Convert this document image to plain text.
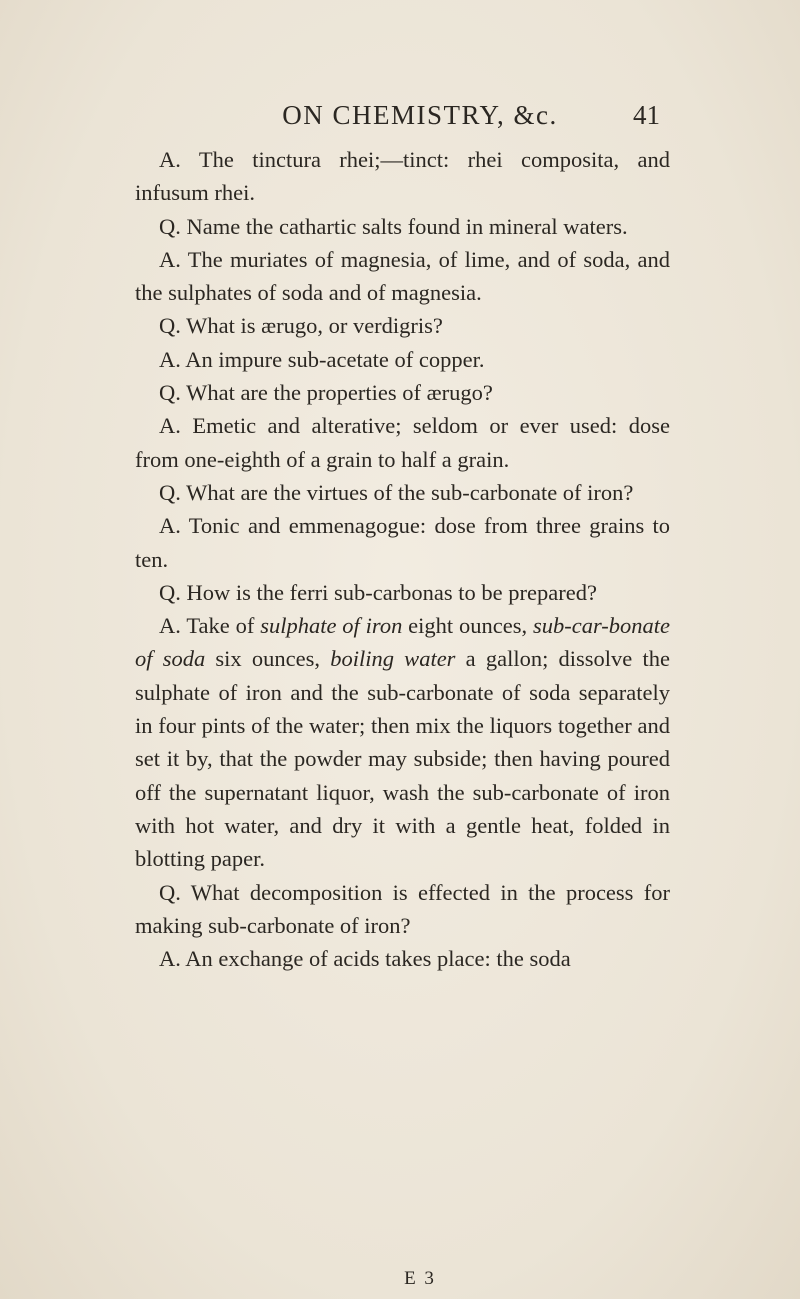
ON CHEMISTRY, &c.	41

A. The tinctura rhei;—tinct: rhei composita, and infusum rhei.

Q. Name the cathartic salts found in mineral waters.

A. The muriates of magnesia, of lime, and of soda, and the sulphates of soda and of magnesia.

Q. What is ærugo, or verdigris?

A. An impure sub-acetate of copper.

Q. What are the properties of ærugo?

A. Emetic and alterative; seldom or ever used: dose from one-eighth of a grain to half a grain.

Q. What are the virtues of the sub-carbonate of iron?

A. Tonic and emmenagogue: dose from three grains to ten.

Q. How is the ferri sub-carbonas to be prepared?

A. Take of sulphate of iron eight ounces, sub-car-bonate of soda six ounces, boiling water a gallon; dissolve the sulphate of iron and the sub-carbonate of soda separately in four pints of the water; then mix the liquors together and set it by, that the powder may subside; then having poured off the supernatant liquor, wash the sub-carbonate of iron with hot water, and dry it with a gentle heat, folded in blotting paper.

Q. What decomposition is effected in the process for making sub-carbonate of iron?

A. An exchange of acids takes place: the soda

E 3
